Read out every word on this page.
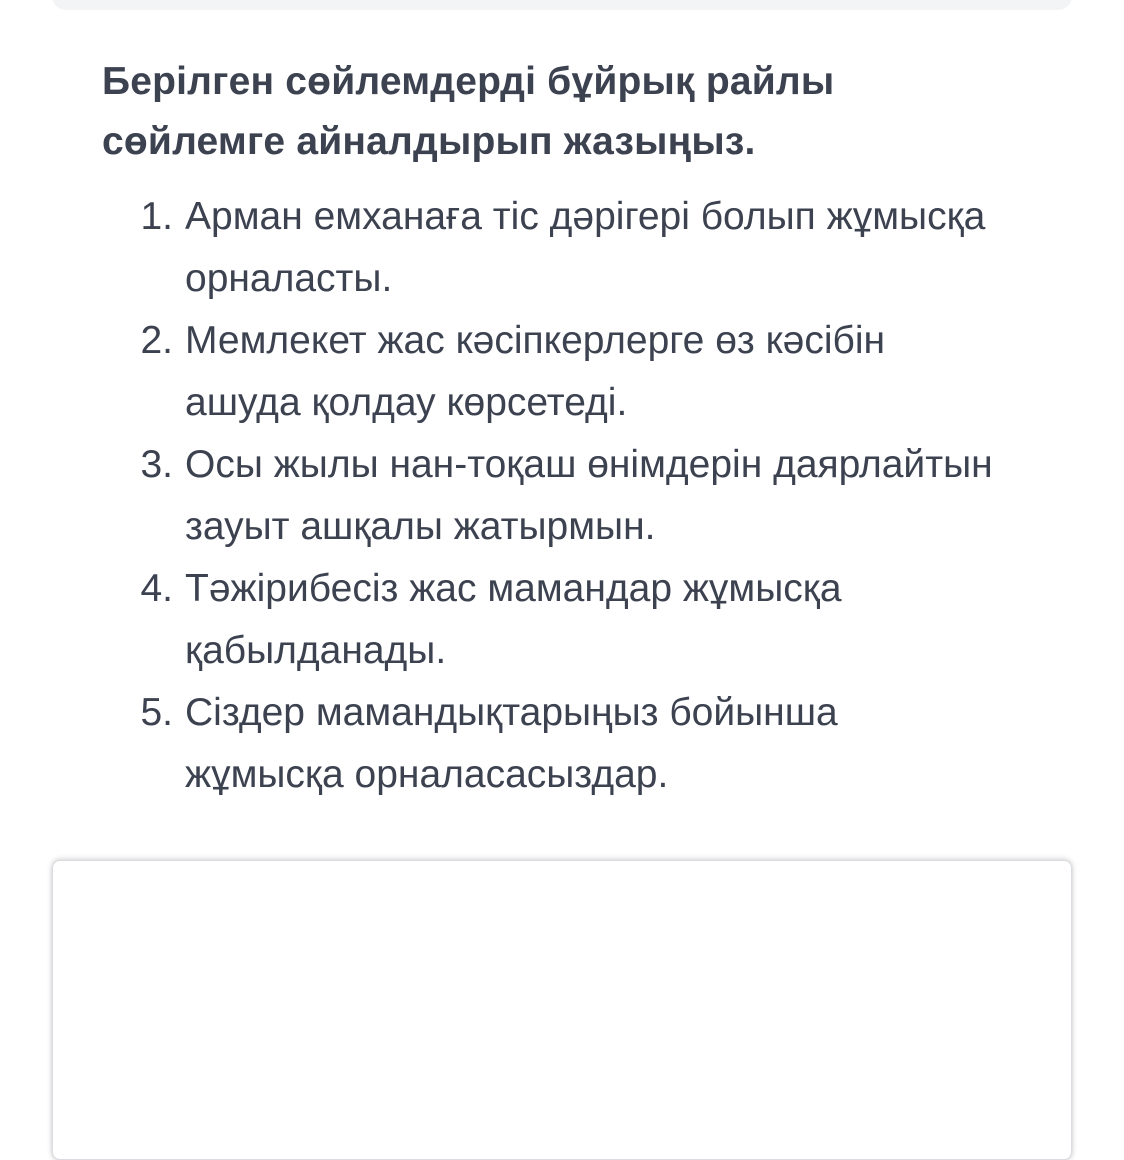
Берілген сөйлемдерді бұйрық райлы сөйлемге айналдырып жазыңыз.
1. Арман емханаға тіс дәрігері болып жұмысқа орналасты.
2. Мемлекет жас кәсіпкерлерге өз кәсібін ашуда қолдау көрсетеді.
3. Осы жылы нан-тоқаш өнімдерін даярлайтын зауыт ашқалы жатырмын.
4. Тәжірибесіз жас мамандар жұмысқа қабылданады.
5. Сіздер мамандықтарыңыз бойынша жұмысқа орналасасыздар.
